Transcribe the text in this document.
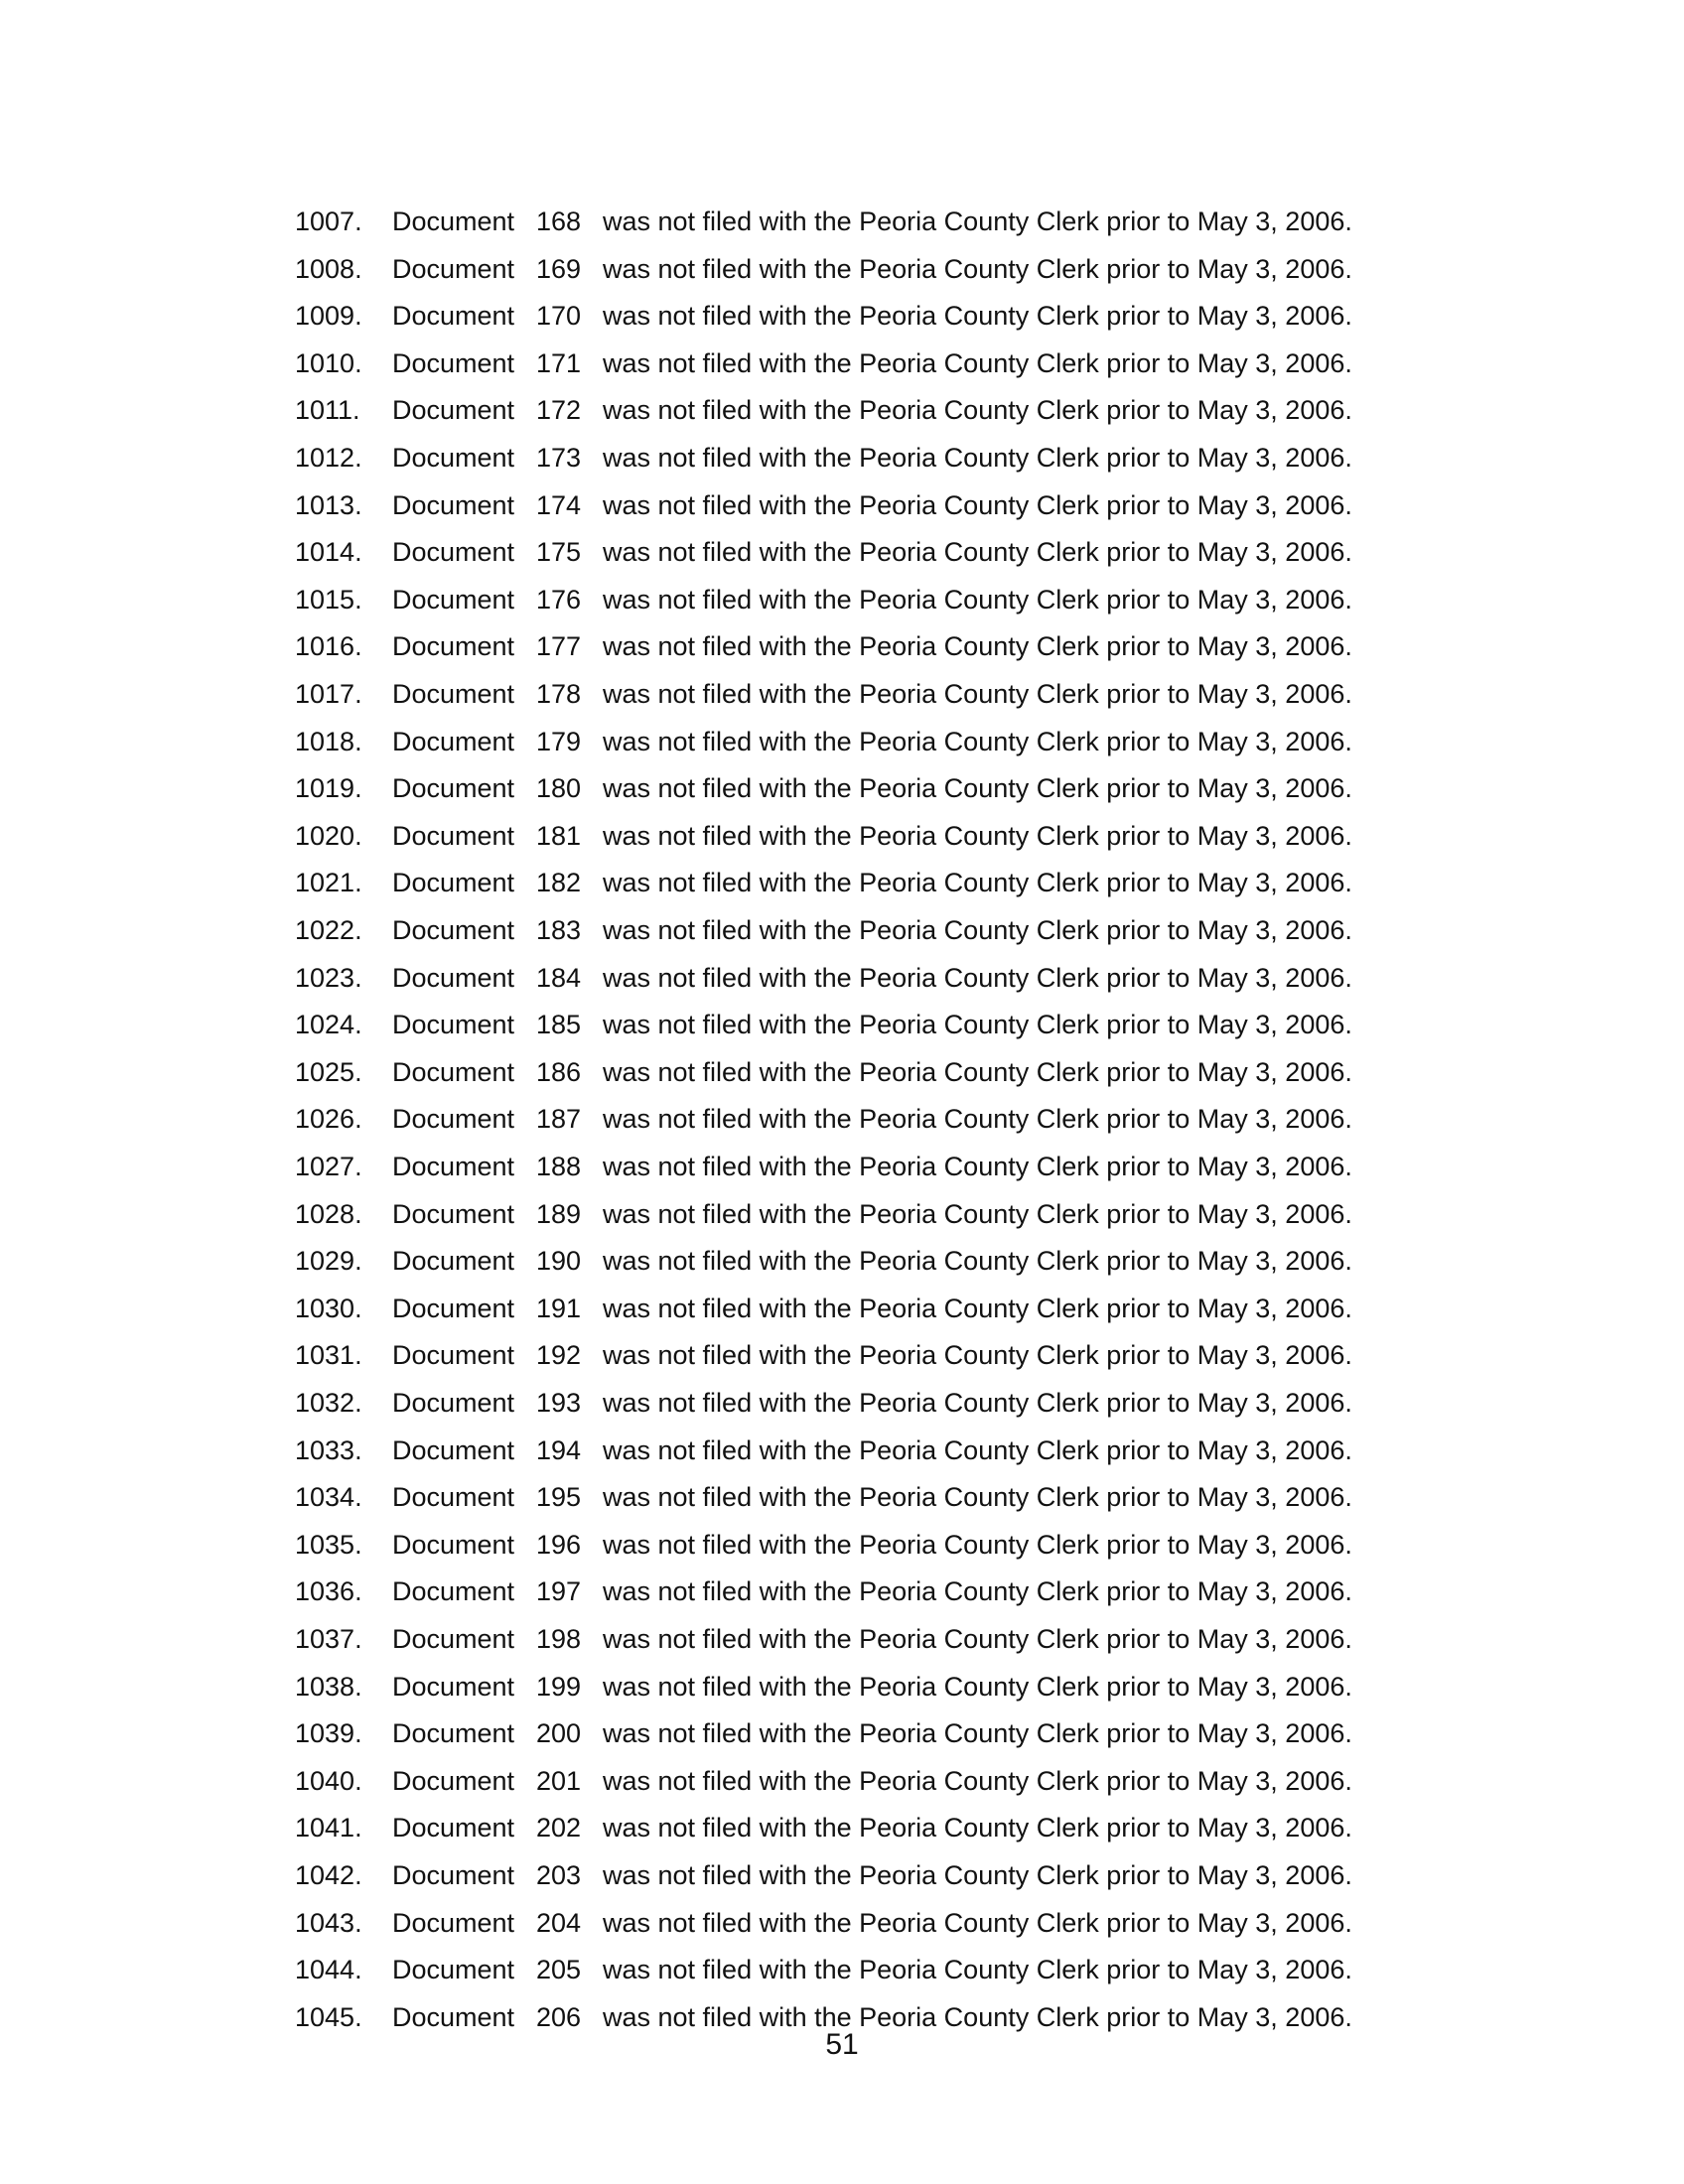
1007. Document 168 was not filed with the Peoria County Clerk prior to May 3, 2006.
1008. Document 169 was not filed with the Peoria County Clerk prior to May 3, 2006.
1009. Document 170 was not filed with the Peoria County Clerk prior to May 3, 2006.
1010. Document 171 was not filed with the Peoria County Clerk prior to May 3, 2006.
1011. Document 172 was not filed with the Peoria County Clerk prior to May 3, 2006.
1012. Document 173 was not filed with the Peoria County Clerk prior to May 3, 2006.
1013. Document 174 was not filed with the Peoria County Clerk prior to May 3, 2006.
1014. Document 175 was not filed with the Peoria County Clerk prior to May 3, 2006.
1015. Document 176 was not filed with the Peoria County Clerk prior to May 3, 2006.
1016. Document 177 was not filed with the Peoria County Clerk prior to May 3, 2006.
1017. Document 178 was not filed with the Peoria County Clerk prior to May 3, 2006.
1018. Document 179 was not filed with the Peoria County Clerk prior to May 3, 2006.
1019. Document 180 was not filed with the Peoria County Clerk prior to May 3, 2006.
1020. Document 181 was not filed with the Peoria County Clerk prior to May 3, 2006.
1021. Document 182 was not filed with the Peoria County Clerk prior to May 3, 2006.
1022. Document 183 was not filed with the Peoria County Clerk prior to May 3, 2006.
1023. Document 184 was not filed with the Peoria County Clerk prior to May 3, 2006.
1024. Document 185 was not filed with the Peoria County Clerk prior to May 3, 2006.
1025. Document 186 was not filed with the Peoria County Clerk prior to May 3, 2006.
1026. Document 187 was not filed with the Peoria County Clerk prior to May 3, 2006.
1027. Document 188 was not filed with the Peoria County Clerk prior to May 3, 2006.
1028. Document 189 was not filed with the Peoria County Clerk prior to May 3, 2006.
1029. Document 190 was not filed with the Peoria County Clerk prior to May 3, 2006.
1030. Document 191 was not filed with the Peoria County Clerk prior to May 3, 2006.
1031. Document 192 was not filed with the Peoria County Clerk prior to May 3, 2006.
1032. Document 193 was not filed with the Peoria County Clerk prior to May 3, 2006.
1033. Document 194 was not filed with the Peoria County Clerk prior to May 3, 2006.
1034. Document 195 was not filed with the Peoria County Clerk prior to May 3, 2006.
1035. Document 196 was not filed with the Peoria County Clerk prior to May 3, 2006.
1036. Document 197 was not filed with the Peoria County Clerk prior to May 3, 2006.
1037. Document 198 was not filed with the Peoria County Clerk prior to May 3, 2006.
1038. Document 199 was not filed with the Peoria County Clerk prior to May 3, 2006.
1039. Document 200 was not filed with the Peoria County Clerk prior to May 3, 2006.
1040. Document 201 was not filed with the Peoria County Clerk prior to May 3, 2006.
1041. Document 202 was not filed with the Peoria County Clerk prior to May 3, 2006.
1042. Document 203 was not filed with the Peoria County Clerk prior to May 3, 2006.
1043. Document 204 was not filed with the Peoria County Clerk prior to May 3, 2006.
1044. Document 205 was not filed with the Peoria County Clerk prior to May 3, 2006.
1045. Document 206 was not filed with the Peoria County Clerk prior to May 3, 2006.
51
